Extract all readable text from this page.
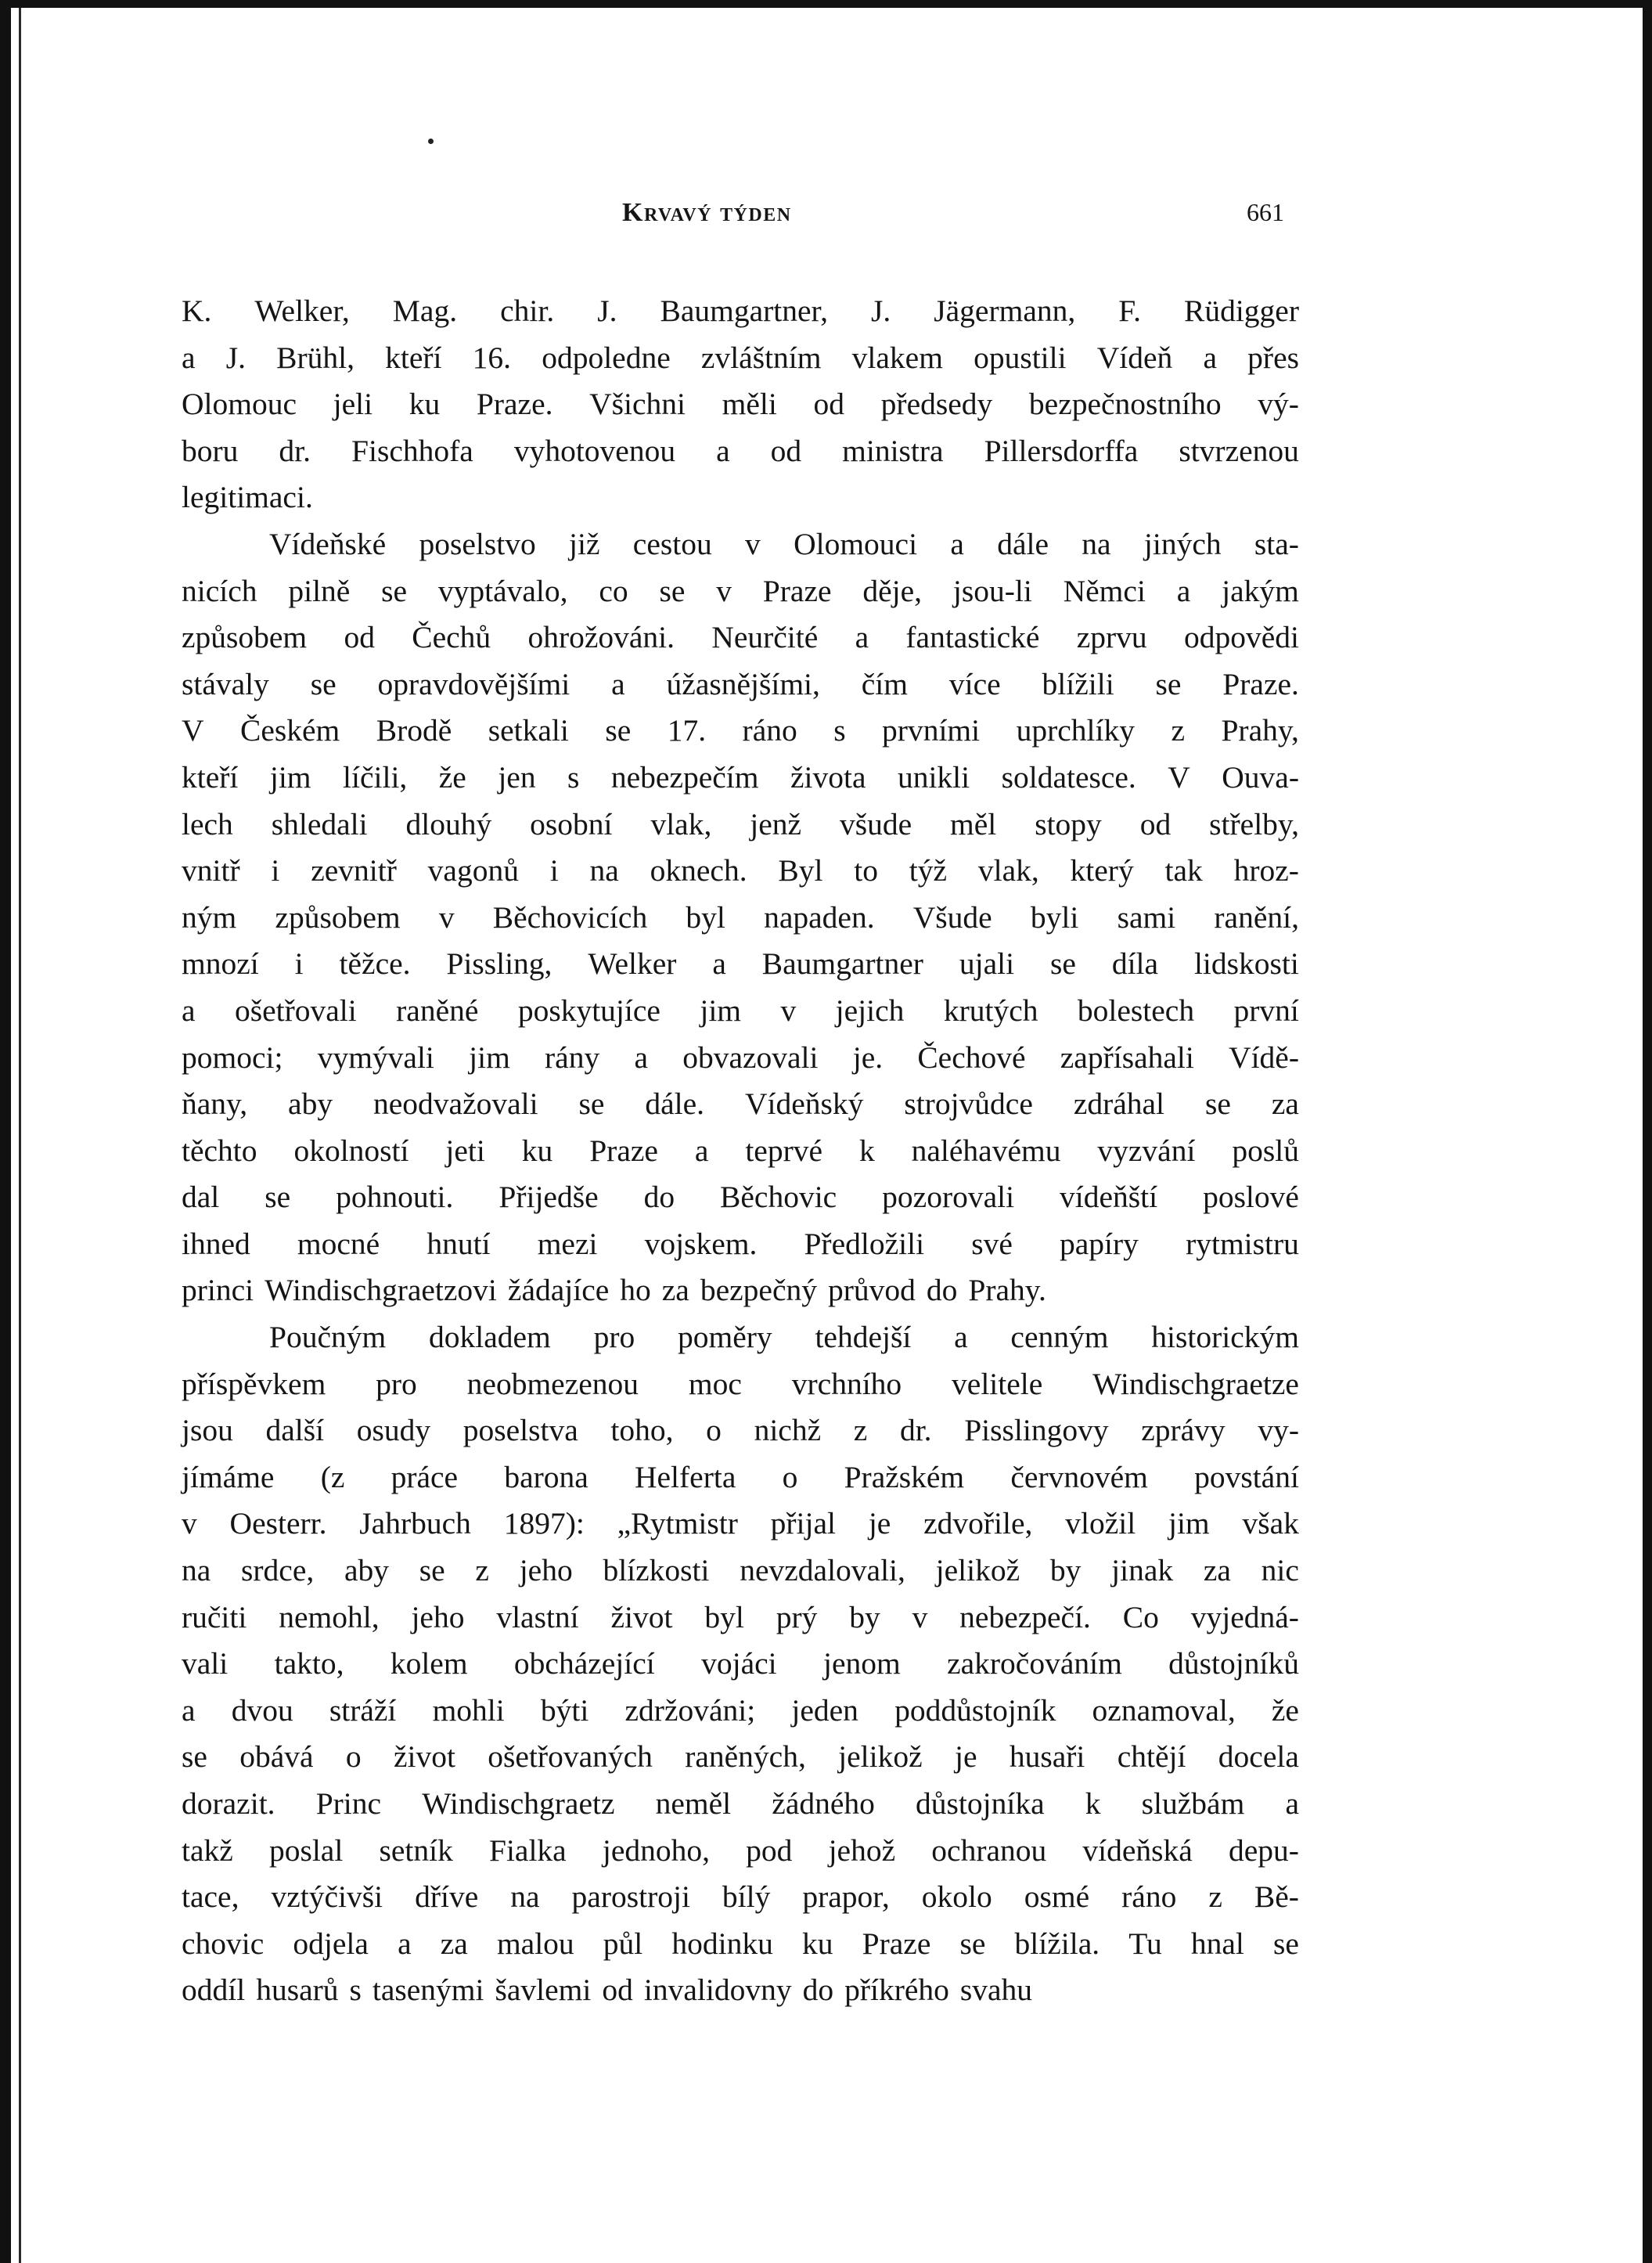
Krvavý týden	661
K. Welker, Mag. chir. J. Baumgartner, J. Jägermann, F. Rüdigger
a J. Brühl, kteří 16. odpoledne zvláštním vlakem opustili Vídeň a přes
Olomouc jeli ku Praze. Všichni měli od předsedy bezpečnostního vý-
boru dr. Fischhofa vyhotovenou a od ministra Pillersdorffa stvrzenou
legitimaci.
Vídeňské poselstvo již cestou v Olomouci a dále na jiných sta-
nicích pilně se vyptávalo, co se v Praze děje, jsou-li Němci a jakým
způsobem od Čechů ohrožováni. Neurčité a fantastické zprvu odpovědi
stávaly se opravdovějšími a úžasnějšími, čím více blížili se Praze.
V Českém Brodě setkali se 17. ráno s prvními uprchlíky z Prahy,
kteří jim líčili, že jen s nebezpečím života unikli soldatesce. V Ouva-
lech shledali dlouhý osobní vlak, jenž všude měl stopy od střelby,
vnitř i zevnitř vagonů i na oknech. Byl to týž vlak, který tak hroz-
ným způsobem v Běchovicích byl napaden. Všude byli sami ranění,
mnozí i těžce. Pissling, Welker a Baumgartner ujali se díla lidskosti
a ošetřovali raněné poskytujíce jim v jejich krutých bolestech první
pomoci; vymývali jim rány a obvazovali je. Čechové zapřísahali Vídě-
ňany, aby neodvažovali se dále. Vídeňský strojvůdce zdráhal se za
těchto okolností jeti ku Praze a teprvé k naléhavému vyzvání poslů
dal se pohnouti. Přijedše do Běchovic pozorovali vídeňští poslové
ihned mocné hnutí mezi vojskem. Předložili své papíry rytmistru
princi Windischgraetzovi žádajíce ho za bezpečný průvod do Prahy.
Poučným dokladem pro poměry tehdejší a cenným historickým
příspěvkem pro neobmezenou moc vrchního velitele Windischgraetze
jsou další osudy poselstva toho, o nichž z dr. Pisslingovy zprávy vy-
jímáme (z práce barona Helferta o Pražském červnovém povstání
v Oesterr. Jahrbuch 1897): „Rytmistr přijal je zdvořile, vložil jim však
na srdce, aby se z jeho blízkosti nevzdalovali, jelikož by jinak za nic
ručiti nemohl, jeho vlastní život byl prý by v nebezpečí. Co vyjedná-
vali takto, kolem obcházející vojáci jenom zakročováním důstojníků
a dvou stráží mohli býti zdržováni; jeden poddůstojník oznamoval, že
se obává o život ošetřovaných raněných, jelikož je husaři chtějí docela
dorazit. Princ Windischgraetz neměl žádného důstojníka k službám a
takž poslal setník Fialka jednoho, pod jehož ochranou vídeňská depu-
tace, vztýčivši dříve na parostroji bílý prapor, okolo osmé ráno z Bě-
chovic odjela a za malou půl hodinku ku Praze se blížila. Tu hnal se
oddíl husarů s tasenými šavlemi od invalidovny do příkrého svahu
